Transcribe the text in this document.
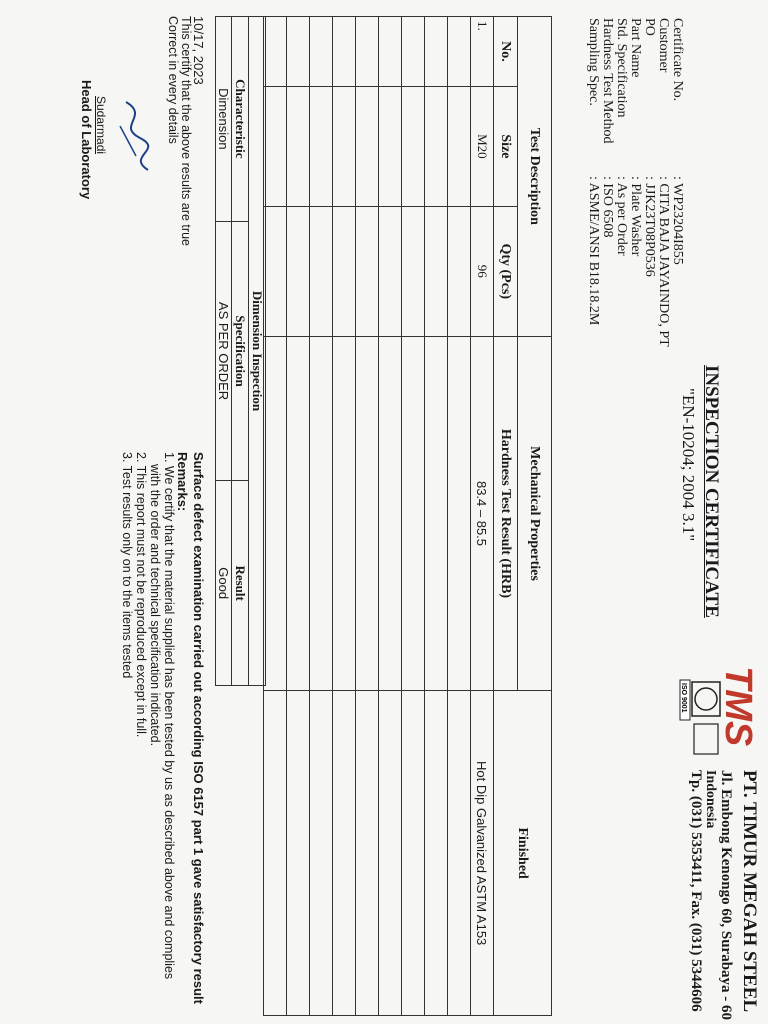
TMS
ISO 9001
PT. TIMUR MEGAH STEEL
Jl. Embong Kenongo 60, Surabaya - 60
Indonesia
Tp. (031) 5353411, Fax. (031) 5344606
INSPECTION CERTIFICATE
"EN-10204; 2004 3.1"
Certificate No.
: WP23204I855
Customer
: CITA BAJA JAYAINDO, PT
PO
: JJK23T08P0536
Part Name
: Plate Washer
Std. Specification
: As per Order
Hardness Test Method
: ISO 6508
Sampling Spec.
: ASME/ANSI B18.18.2M
Test Description			Mechanical Properties	Finished
No.	Size	Qty (Pcs)	Hardness Test Result (HRB)	
1.	M20	96	83.4 – 85.5	Hot Dip Galvanized ASTM A153

Dimension Inspection		
Characteristic	Specification	Result
Dimension	AS PER ORDER	Good
Surface defect examination carried out according ISO 6157 part 1 gave satisfactory result
Remarks:
1. We certify that the material supplied has been tested by us as described above and complies
with the order and technical specification indicated.
2. This report must not be reproduced except in full.
3. Test results only on to the items tested
10/17, 2023
This certify that the above results are true
Correct in every details
Sudarmadi
Head of Laboratory
